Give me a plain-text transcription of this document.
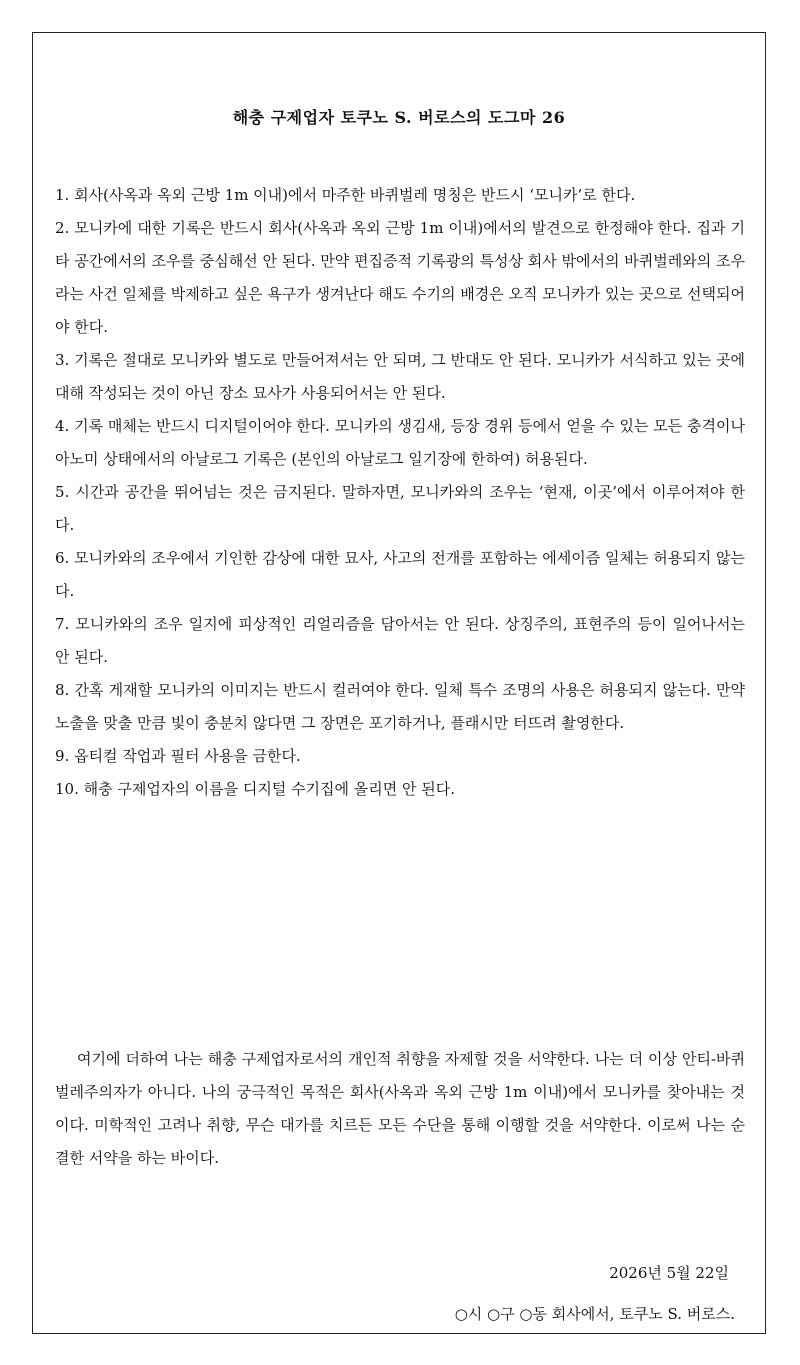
해충 구제업자 토쿠노 S. 버로스의 도그마 26
1. 회사(사옥과 옥외 근방 1m 이내)에서 마주한 바퀴벌레 명칭은 반드시 ‘모니카’로 한다.
2. 모니카에 대한 기록은 반드시 회사(사옥과 옥외 근방 1m 이내)에서의 발견으로 한정해야 한다. 집과 기타 공간에서의 조우를 중심해선 안 된다. 만약 편집증적 기록광의 특성상 회사 밖에서의 바퀴벌레와의 조우라는 사건 일체를 박제하고 싶은 욕구가 생겨난다 해도 수기의 배경은 오직 모니카가 있는 곳으로 선택되어야 한다.
3. 기록은 절대로 모니카와 별도로 만들어져서는 안 되며, 그 반대도 안 된다. 모니카가 서식하고 있는 곳에 대해 작성되는 것이 아닌 장소 묘사가 사용되어서는 안 된다.
4. 기록 매체는 반드시 디지털이어야 한다. 모니카의 생김새, 등장 경위 등에서 얻을 수 있는 모든 충격이나 아노미 상태에서의 아날로그 기록은 (본인의 아날로그 일기장에 한하여) 허용된다.
5. 시간과 공간을 뛰어넘는 것은 금지된다. 말하자면, 모니카와의 조우는 ‘현재, 이곳’에서 이루어져야 한다.
6. 모니카와의 조우에서 기인한 감상에 대한 묘사, 사고의 전개를 포함하는 에세이즘 일체는 허용되지 않는다.
7. 모니카와의 조우 일지에 피상적인 리얼리즘을 담아서는 안 된다. 상징주의, 표현주의 등이 일어나서는 안 된다.
8. 간혹 게재할 모니카의 이미지는 반드시 컬러여야 한다. 일체 특수 조명의 사용은 허용되지 않는다. 만약 노출을 맞출 만큼 빛이 충분치 않다면 그 장면은 포기하거나, 플래시만 터뜨려 촬영한다.
9. 옵티컬 작업과 필터 사용을 금한다.
10. 해충 구제업자의 이름을 디지털 수기집에 올리면 안 된다.

여기에 더하여 나는 해충 구제업자로서의 개인적 취향을 자제할 것을 서약한다. 나는 더 이상 안티-바퀴벌레주의자가 아니다. 나의 궁극적인 목적은 회사(사옥과 옥외 근방 1m 이내)에서 모니카를 찾아내는 것이다. 미학적인 고려나 취향, 무슨 대가를 치르든 모든 수단을 통해 이행할 것을 서약한다. 이로써 나는 순결한 서약을 하는 바이다.

2026년 5월 22일
○시 ○구 ○동 회사에서, 토쿠노 S. 버로스.
